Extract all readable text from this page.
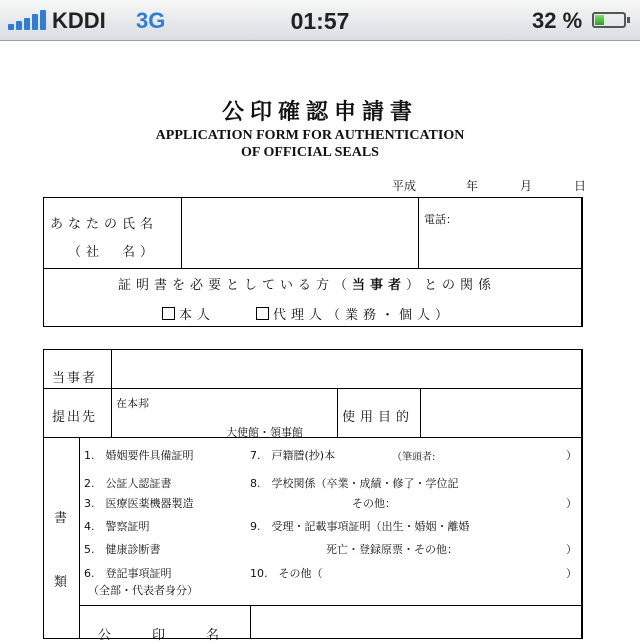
KDDI 3G	01:57	32 %
公印確認申請書
APPLICATION FORM FOR AUTHENTICATION
OF OFFICIAL SEALS
平成	年	月	日
あなたの氏名
（社　名）
電話：
証明書を必要としている方（当事者）との関係
本人	代理人（業務・個人）
当事者
提出先
在本邦
大使館・領事館
使用目的
書
類
1.　婚姻要件具備証明
2.　公証人認証書
3.　医療医薬機器製造
4.　警察証明
5.　健康診断書
6.　登記事項証明
（全部・代表者身分）
7.　戸籍謄(抄)本	（筆頭者:	）
8.　学校関係（卒業・成績・修了・学位記
その他：	）
9.　受理・記載事項証明（出生・婚姻・離婚
死亡・登録原票・その他：	）
10.　その他（	）
公　　印　　名
